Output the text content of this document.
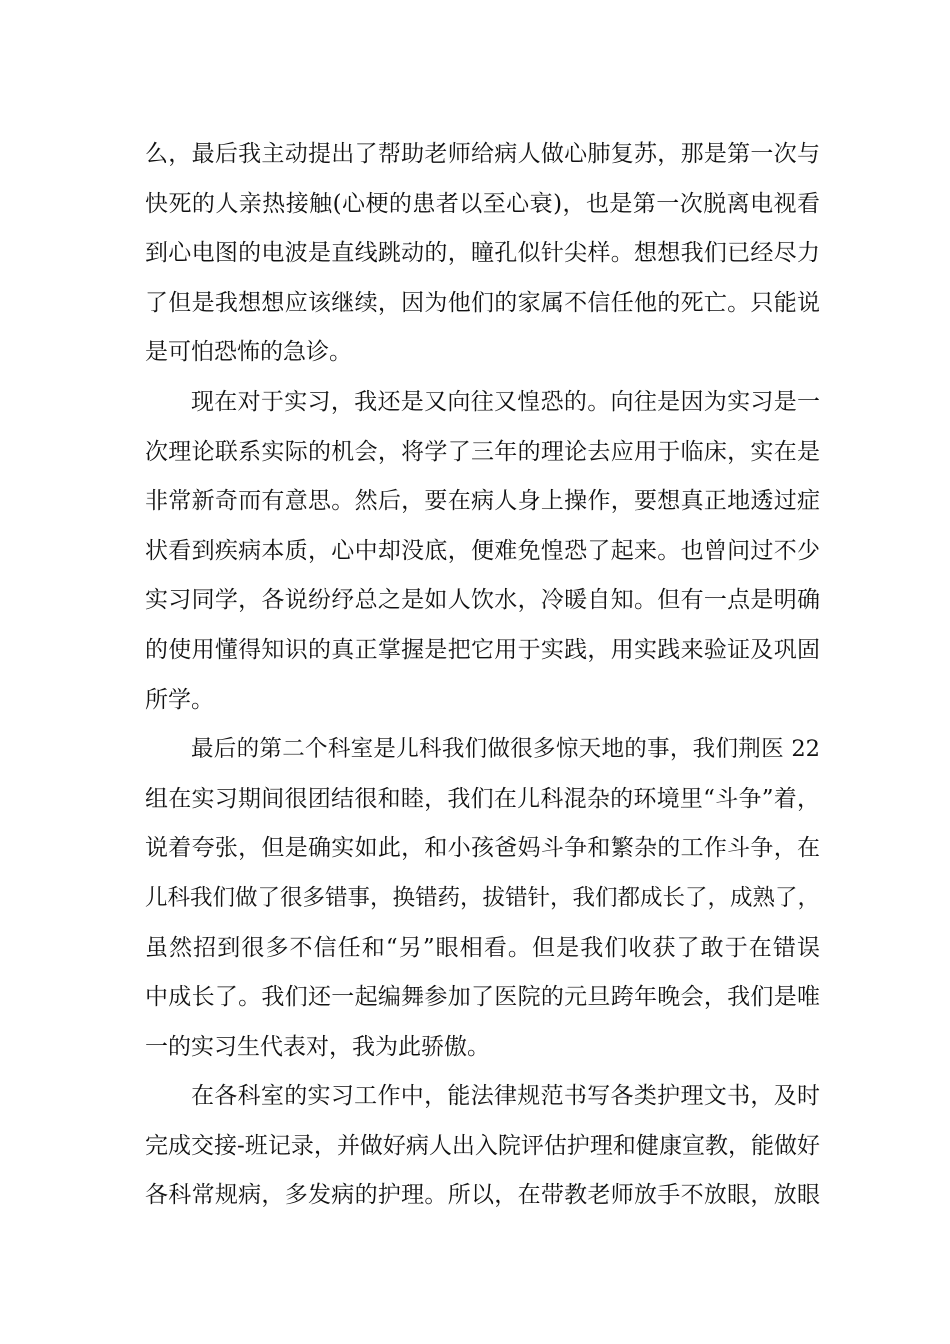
么，最后我主动提出了帮助老师给病人做心肺复苏，那是第一次与
快死的人亲热接触(心梗的患者以至心衰)，也是第一次脱离电视看
到心电图的电波是直线跳动的，瞳孔似针尖样。想想我们已经尽力
了但是我想想应该继续，因为他们的家属不信任他的死亡。只能说
是可怕恐怖的急诊。
现在对于实习，我还是又向往又惶恐的。向往是因为实习是一
次理论联系实际的机会，将学了三年的理论去应用于临床，实在是
非常新奇而有意思。然后，要在病人身上操作，要想真正地透过症
状看到疾病本质，心中却没底，便难免惶恐了起来。也曾问过不少
实习同学，各说纷纾总之是如人饮水，冷暖自知。但有一点是明确
的使用懂得知识的真正掌握是把它用于实践，用实践来验证及巩固
所学。
最后的第二个科室是儿科我们做很多惊天地的事，我们荆医 22
组在实习期间很团结很和睦，我们在儿科混杂的环境里“斗争”着，
说着夸张，但是确实如此，和小孩爸妈斗争和繁杂的工作斗争，在
儿科我们做了很多错事，换错药，拔错针，我们都成长了，成熟了，
虽然招到很多不信任和“另”眼相看。但是我们收获了敢于在错误
中成长了。我们还一起编舞参加了医院的元旦跨年晚会，我们是唯
一的实习生代表对，我为此骄傲。
在各科室的实习工作中，能法律规范书写各类护理文书，及时
完成交接-班记录，并做好病人出入院评估护理和健康宣教，能做好
各科常规病，多发病的护理。所以，在带教老师放手不放眼，放眼
